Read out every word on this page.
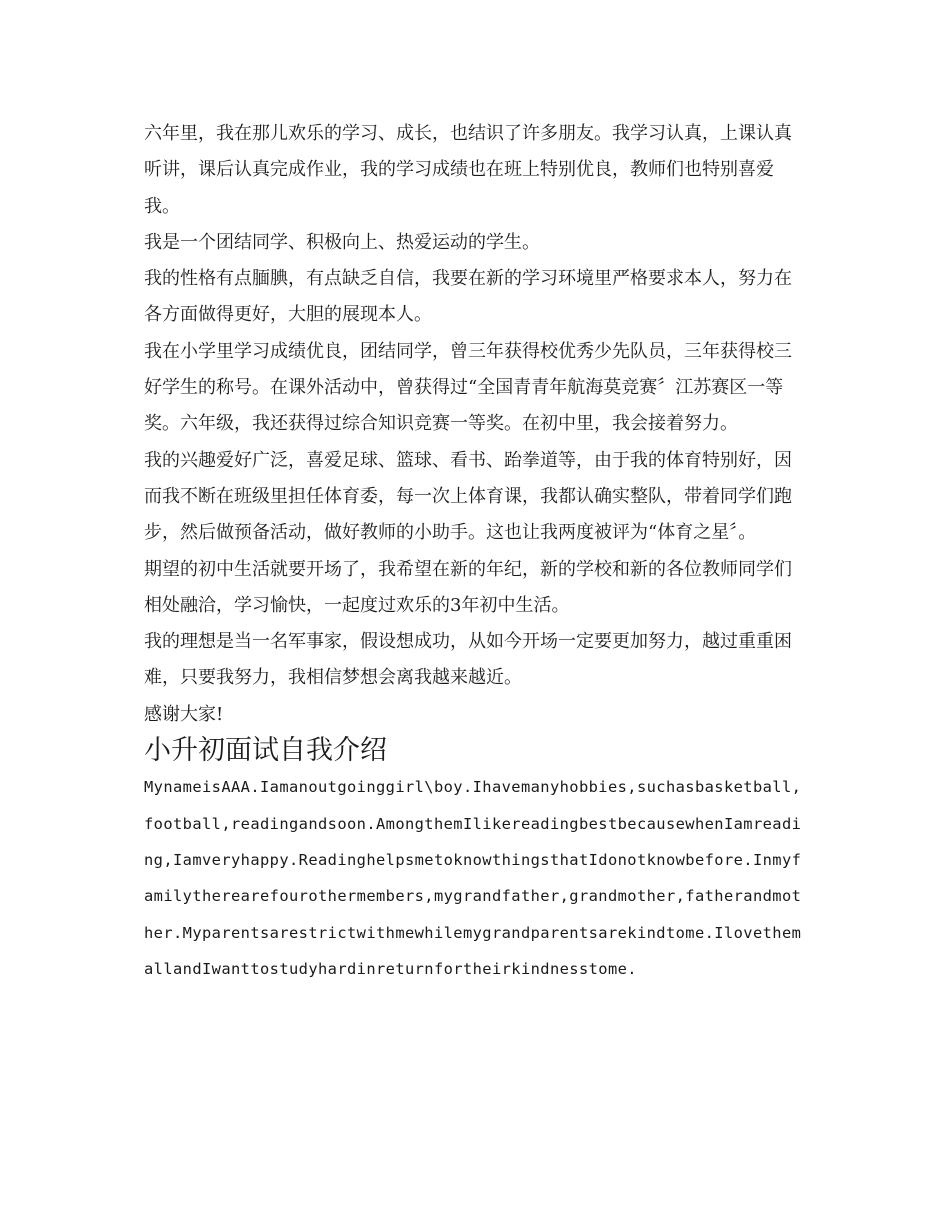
六年里，我在那儿欢乐的学习、成长，也结识了许多朋友。我学习认真，上课认真听讲，课后认真完成作业，我的学习成绩也在班上特别优良，教师们也特别喜爱我。

我是一个团结同学、积极向上、热爱运动的学生。

我的性格有点腼腆，有点缺乏自信，我要在新的学习环境里严格要求本人，努力在各方面做得更好，大胆的展现本人。

我在小学里学习成绩优良，团结同学，曾三年获得校优秀少先队员，三年获得校三好学生的称号。在课外活动中，曾获得过“全国青青年航海莫竞赛〞江苏赛区一等奖。六年级，我还获得过综合知识竞赛一等奖。在初中里，我会接着努力。

我的兴趣爱好广泛，喜爱足球、篮球、看书、跆拳道等，由于我的体育特别好，因而我不断在班级里担任体育委，每一次上体育课，我都认确实整队，带着同学们跑步，然后做预备活动，做好教师的小助手。这也让我两度被评为“体育之星〞。

期望的初中生活就要开场了，我希望在新的年纪，新的学校和新的各位教师同学们相处融洽，学习愉快，一起度过欢乐的3年初中生活。

我的理想是当一名军事家，假设想成功，从如今开场一定要更加努力，越过重重困难，只要我努力，我相信梦想会离我越来越近。

感谢大家!

小升初面试自我介绍

MynameisAAA.Iamanoutgoinggirl\boy.Ihavemanyhobbies,suchasbasketball,football,readingandsoon.AmongthemIlikereadingbestbecausewhenIamreading,Iamveryhappy.ReadinghelpsmetoknowthingsthatIdonotknowbefore.Inmyfamilytherearefourothermembers,mygrandfather,grandmother,fatherandmother.Myparentsarestrictwithmewhilemygrandparentsarekindtome.IlovethemallandIwanttostudyhardinreturnfortheirkindnesstome.
